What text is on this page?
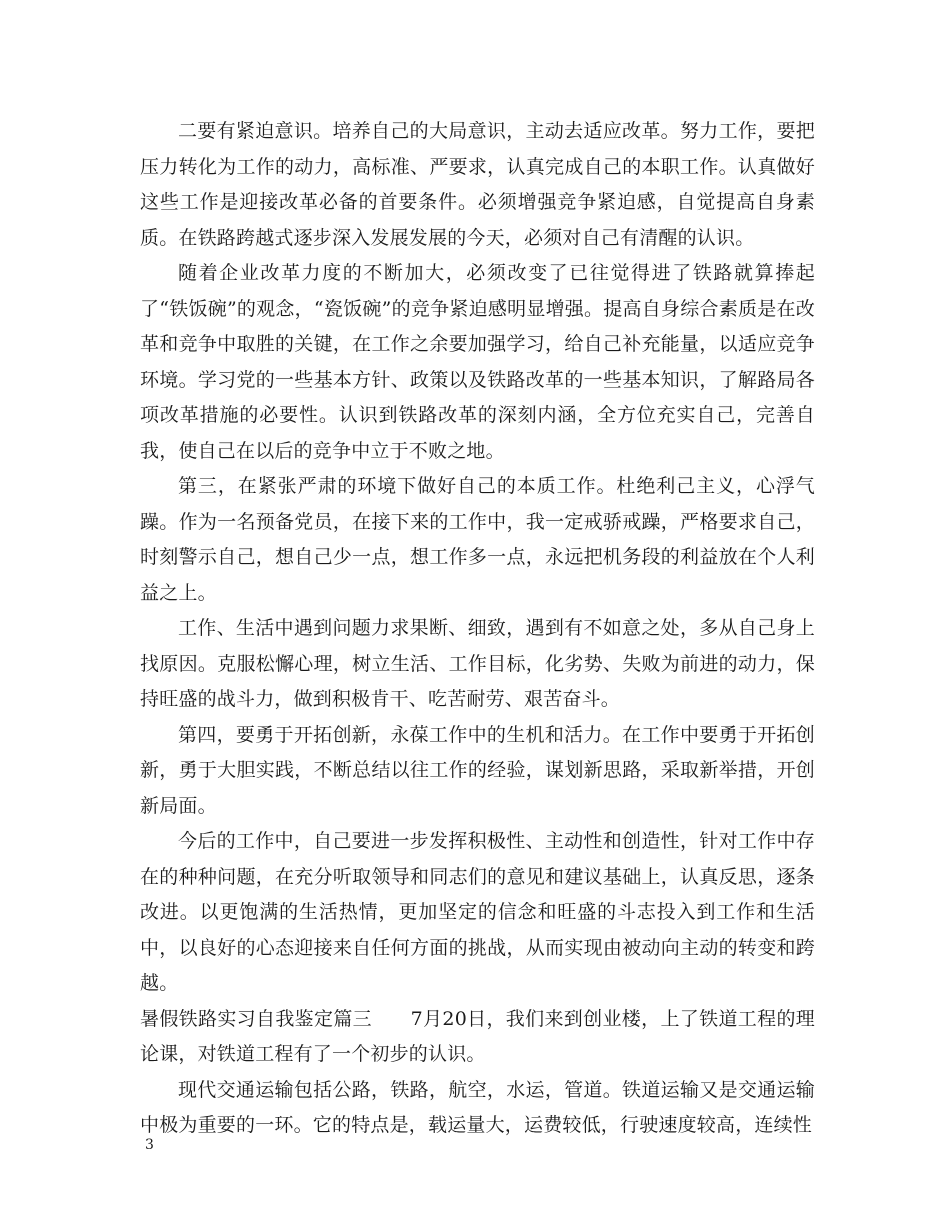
二要有紧迫意识。培养自己的大局意识，主动去适应改革。努力工作，要把压力转化为工作的动力，高标准、严要求，认真完成自己的本职工作。认真做好这些工作是迎接改革必备的首要条件。必须增强竞争紧迫感，自觉提高自身素质。在铁路跨越式逐步深入发展发展的今天，必须对自己有清醒的认识。

随着企业改革力度的不断加大，必须改变了已往觉得进了铁路就算捧起了“铁饭碗”的观念，“瓷饭碗”的竞争紧迫感明显增强。提高自身综合素质是在改革和竞争中取胜的关键，在工作之余要加强学习，给自己补充能量，以适应竞争环境。学习党的一些基本方针、政策以及铁路改革的一些基本知识，了解路局各项改革措施的必要性。认识到铁路改革的深刻内涵，全方位充实自己，完善自我，使自己在以后的竞争中立于不败之地。

第三，在紧张严肃的环境下做好自己的本质工作。杜绝利己主义，心浮气躁。作为一名预备党员，在接下来的工作中，我一定戒骄戒躁，严格要求自己，时刻警示自己，想自己少一点，想工作多一点，永远把机务段的利益放在个人利益之上。

工作、生活中遇到问题力求果断、细致，遇到有不如意之处，多从自己身上找原因。克服松懈心理，树立生活、工作目标，化劣势、失败为前进的动力，保持旺盛的战斗力，做到积极肯干、吃苦耐劳、艰苦奋斗。

第四，要勇于开拓创新，永葆工作中的生机和活力。在工作中要勇于开拓创新，勇于大胆实践，不断总结以往工作的经验，谋划新思路，采取新举措，开创新局面。

今后的工作中，自己要进一步发挥积极性、主动性和创造性，针对工作中存在的种种问题，在充分听取领导和同志们的意见和建议基础上，认真反思，逐条改进。以更饱满的生活热情，更加坚定的信念和旺盛的斗志投入到工作和生活中，以良好的心态迎接来自任何方面的挑战，从而实现由被动向主动的转变和跨越。

暑假铁路实习自我鉴定篇三　　7月20日，我们来到创业楼，上了铁道工程的理论课，对铁道工程有了一个初步的认识。

现代交通运输包括公路，铁路，航空，水运，管道。铁道运输又是交通运输中极为重要的一环。它的特点是，载运量大，运费较低，行驶速度较高，连续性

3
